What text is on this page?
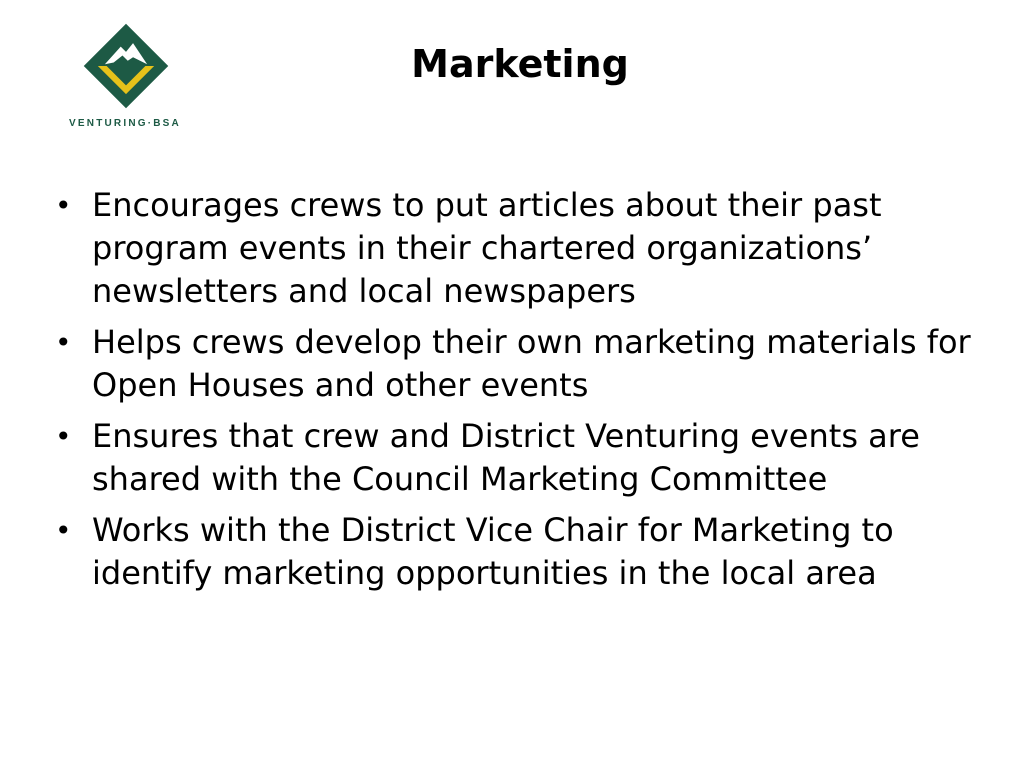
VENTURING·BSA
Marketing
• Encourages crews to put articles about their past program events in their chartered organizations’ newsletters and local newspapers
• Helps crews develop their own marketing materials for Open Houses and other events
• Ensures that crew and District Venturing events are shared with the Council Marketing Committee
• Works with the District Vice Chair for Marketing to identify marketing opportunities in the local area
